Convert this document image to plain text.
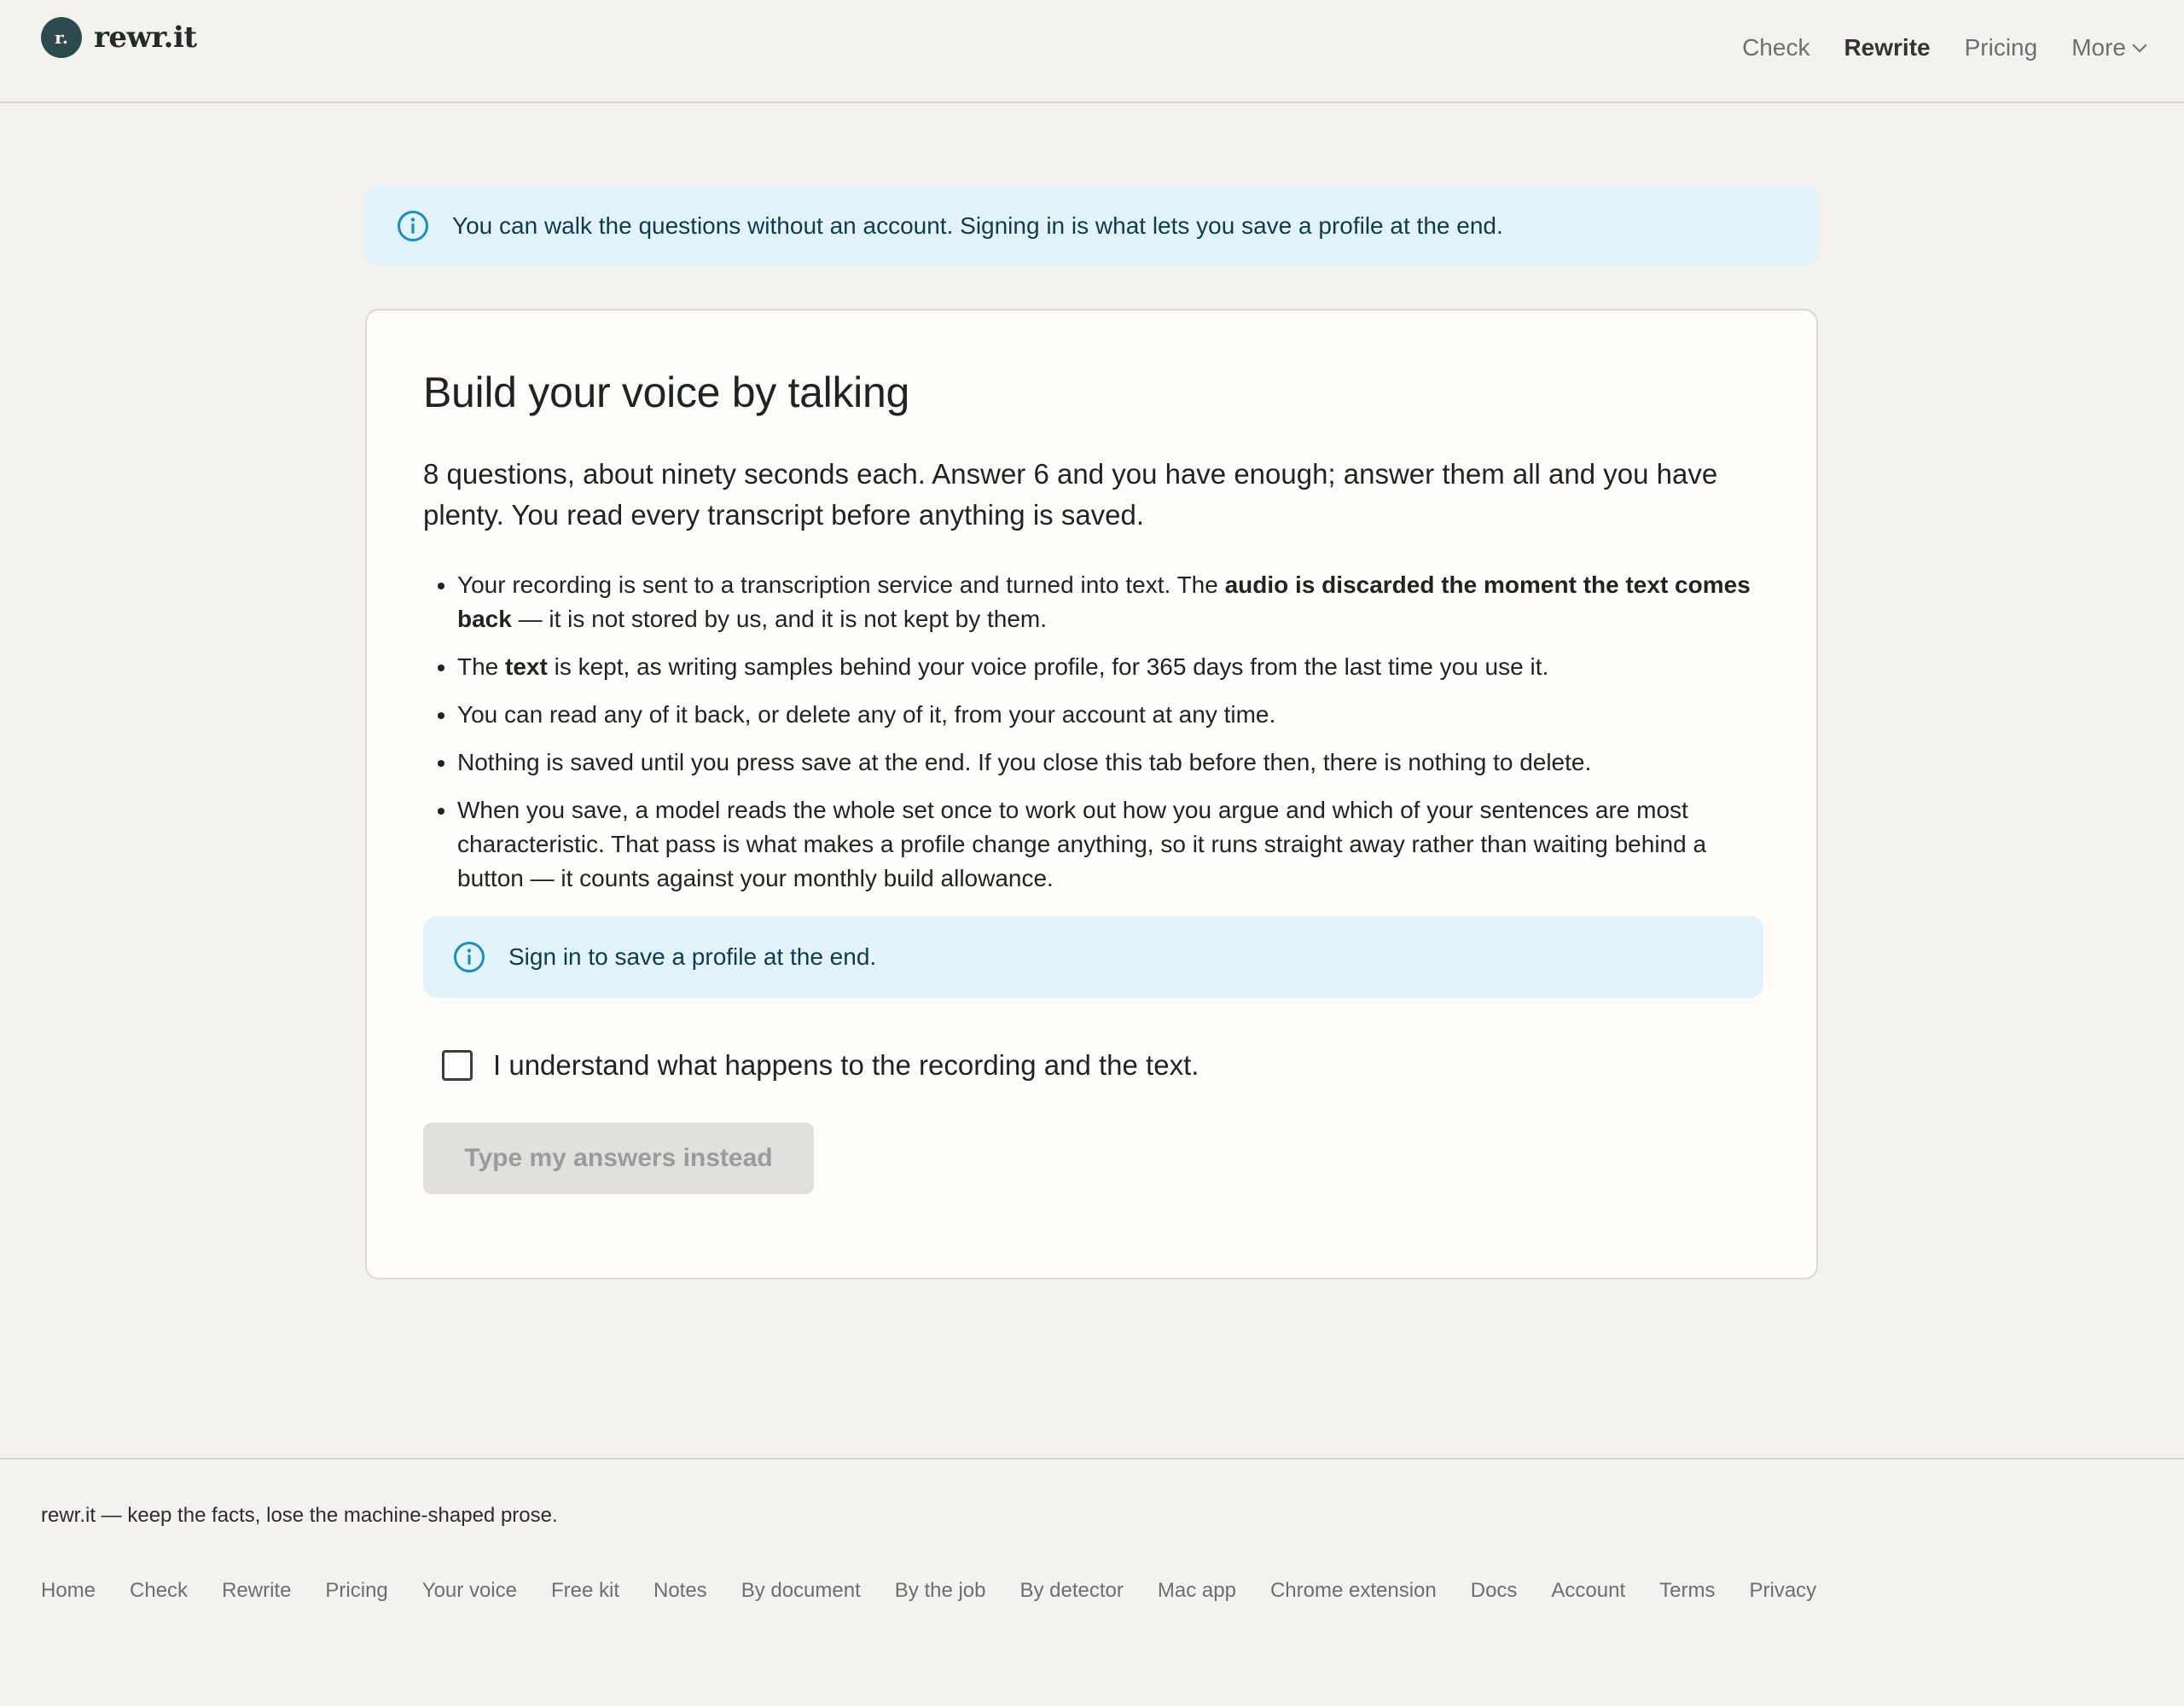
r. rewr.it	Check Rewrite Pricing More
You can walk the questions without an account. Signing in is what lets you save a profile at the end.
Build your voice by talking

8 questions, about ninety seconds each. Answer 6 and you have enough; answer them all and you have plenty. You read every transcript before anything is saved.

• Your recording is sent to a transcription service and turned into text. The audio is discarded the moment the text comes back — it is not stored by us, and it is not kept by them.
• The text is kept, as writing samples behind your voice profile, for 365 days from the last time you use it.
• You can read any of it back, or delete any of it, from your account at any time.
• Nothing is saved until you press save at the end. If you close this tab before then, there is nothing to delete.
• When you save, a model reads the whole set once to work out how you argue and which of your sentences are most characteristic. That pass is what makes a profile change anything, so it runs straight away rather than waiting behind a button — it counts against your monthly build allowance.
Sign in to save a profile at the end.
I understand what happens to the recording and the text.
Type my answers instead

rewr.it — keep the facts, lose the machine-shaped prose.

Home Check Rewrite Pricing Your voice Free kit Notes By document By the job By detector Mac app Chrome extension Docs Account Terms Privacy
